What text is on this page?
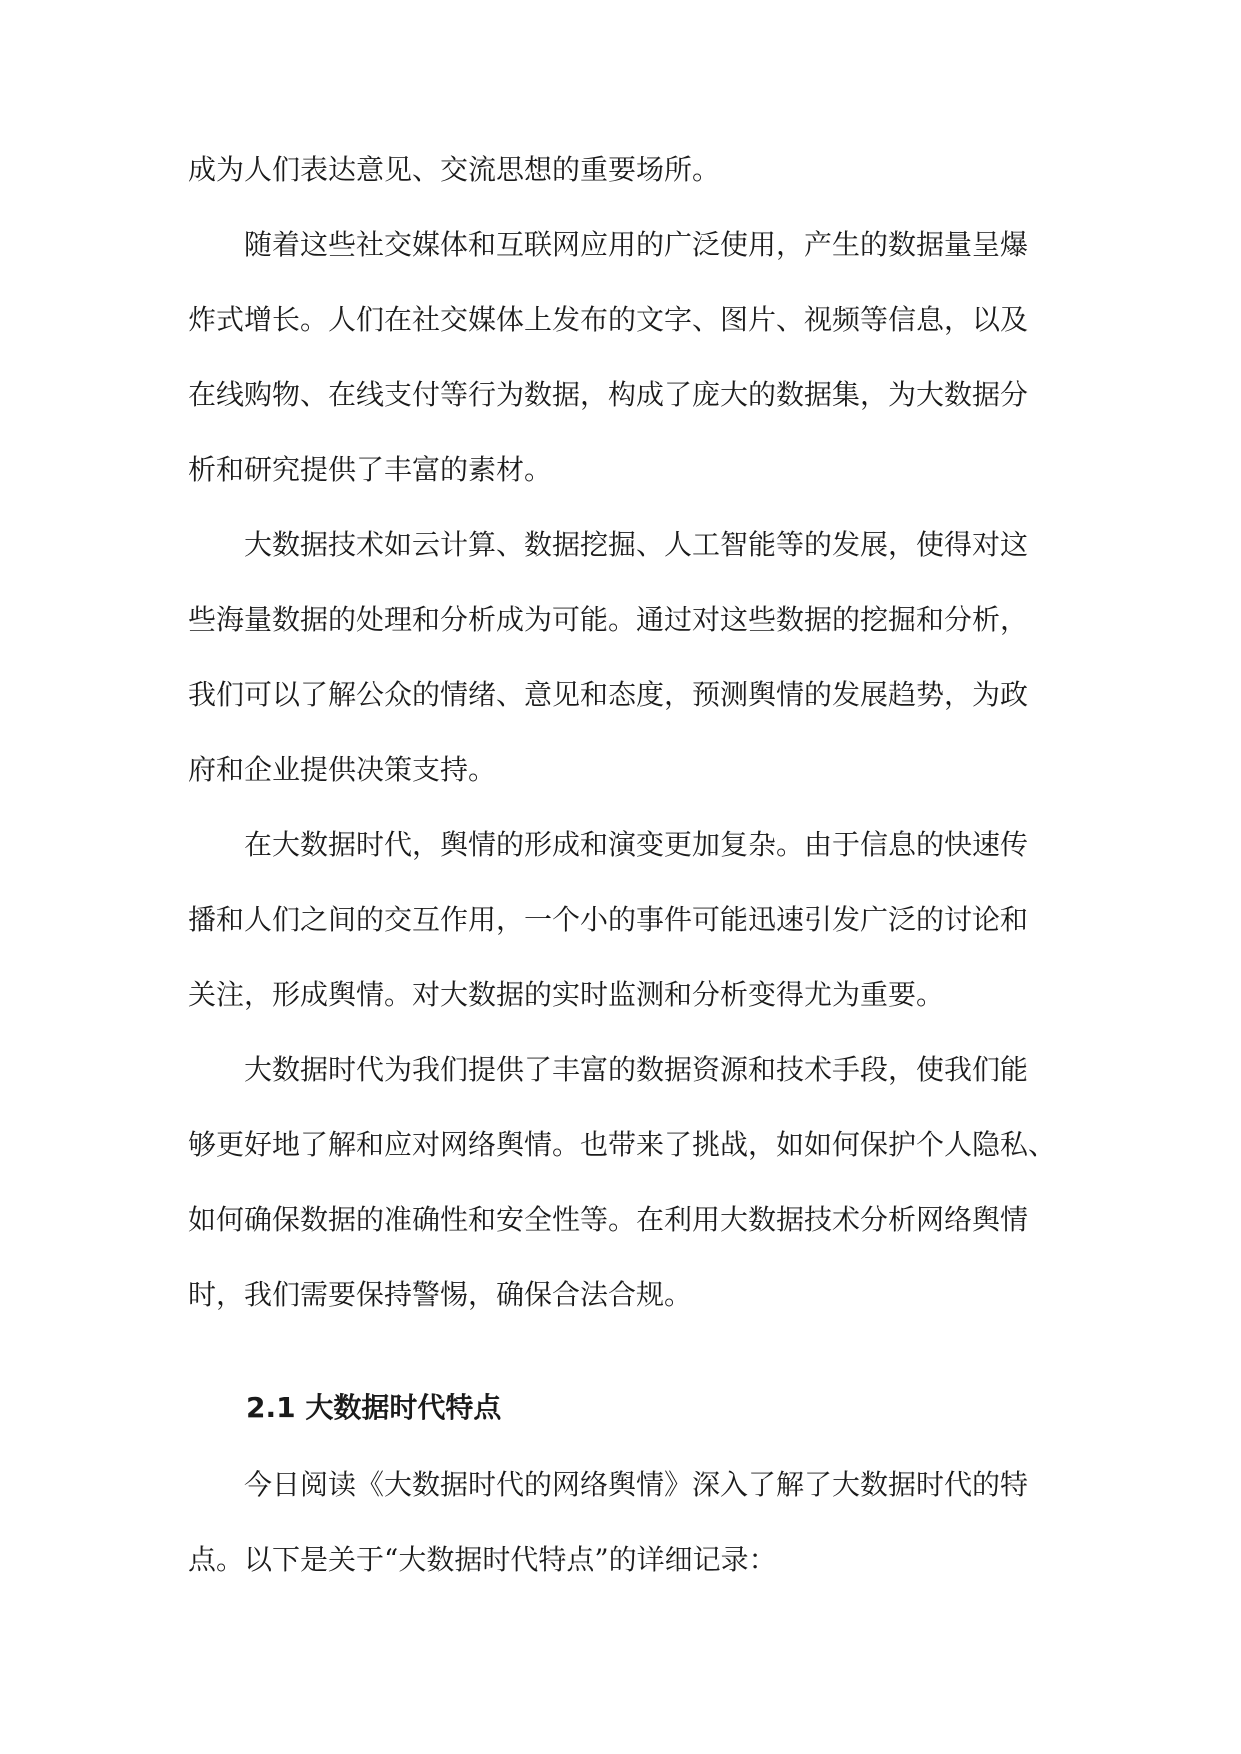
成为人们表达意见、交流思想的重要场所。
　　随着这些社交媒体和互联网应用的广泛使用，产生的数据量呈爆
炸式增长。人们在社交媒体上发布的文字、图片、视频等信息，以及
在线购物、在线支付等行为数据，构成了庞大的数据集，为大数据分
析和研究提供了丰富的素材。
　　大数据技术如云计算、数据挖掘、人工智能等的发展，使得对这
些海量数据的处理和分析成为可能。通过对这些数据的挖掘和分析，
我们可以了解公众的情绪、意见和态度，预测舆情的发展趋势，为政
府和企业提供决策支持。
　　在大数据时代，舆情的形成和演变更加复杂。由于信息的快速传
播和人们之间的交互作用，一个小的事件可能迅速引发广泛的讨论和
关注，形成舆情。对大数据的实时监测和分析变得尤为重要。
　　大数据时代为我们提供了丰富的数据资源和技术手段，使我们能
够更好地了解和应对网络舆情。也带来了挑战，如如何保护个人隐私、
如何确保数据的准确性和安全性等。在利用大数据技术分析网络舆情
时，我们需要保持警惕，确保合法合规。
2.1 大数据时代特点
　　今日阅读《大数据时代的网络舆情》深入了解了大数据时代的特
点。以下是关于“大数据时代特点”的详细记录：
